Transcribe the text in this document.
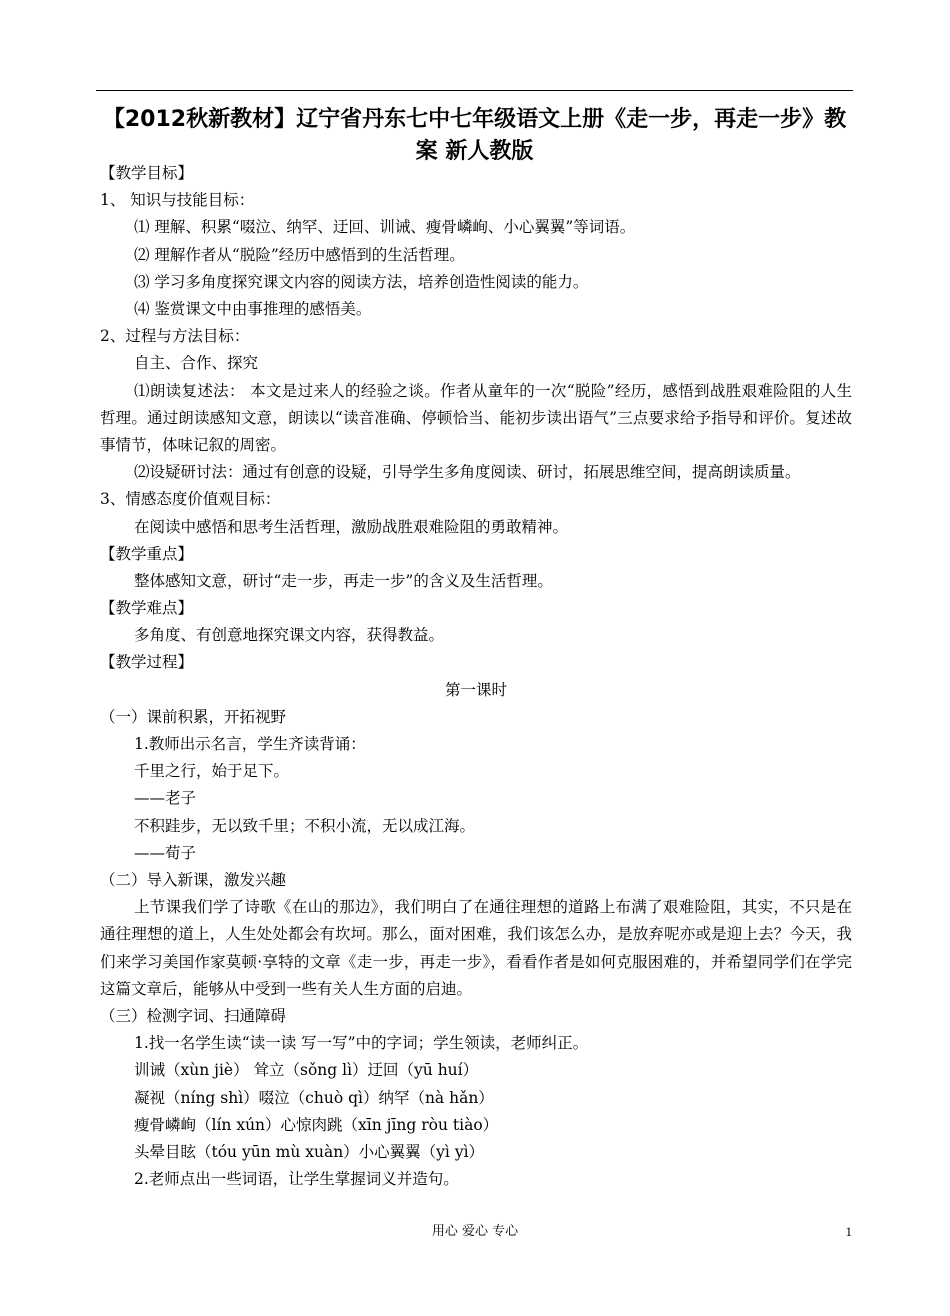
【2012秋新教材】辽宁省丹东七中七年级语文上册《走一步，再走一步》教案 新人教版
【教学目标】
1、 知识与技能目标：
⑴ 理解、积累“啜泣、纳罕、迂回、训诫、瘦骨嶙峋、小心翼翼”等词语。
⑵ 理解作者从“脱险”经历中感悟到的生活哲理。
⑶ 学习多角度探究课文内容的阅读方法，培养创造性阅读的能力。
⑷ 鉴赏课文中由事推理的感悟美。
2、过程与方法目标：
自主、合作、探究
⑴朗读复述法： 本文是过来人的经验之谈。作者从童年的一次“脱险”经历，感悟到战胜艰难险阻的人生哲理。通过朗读感知文意，朗读以“读音准确、停顿恰当、能初步读出语气”三点要求给予指导和评价。复述故事情节，体味记叙的周密。
⑵设疑研讨法：通过有创意的设疑，引导学生多角度阅读、研讨，拓展思维空间，提高朗读质量。
3、情感态度价值观目标：
在阅读中感悟和思考生活哲理，激励战胜艰难险阻的勇敢精神。
【教学重点】
整体感知文意，研讨“走一步，再走一步”的含义及生活哲理。
【教学难点】
多角度、有创意地探究课文内容，获得教益。
【教学过程】
第一课时
（一）课前积累，开拓视野
1.教师出示名言，学生齐读背诵：
千里之行，始于足下。
——老子
不积跬步，无以致千里；不积小流，无以成江海。
——荀子
（二）导入新课，激发兴趣
上节课我们学了诗歌《在山的那边》，我们明白了在通往理想的道路上布满了艰难险阻，其实，不只是在通往理想的道上，人生处处都会有坎坷。那么，面对困难，我们该怎么办，是放弃呢亦或是迎上去？今天，我们来学习美国作家莫顿·享特的文章《走一步，再走一步》，看看作者是如何克服困难的，并希望同学们在学完这篇文章后，能够从中受到一些有关人生方面的启迪。
（三）检测字词、扫通障碍
1.找一名学生读“读一读 写一写”中的字词；学生领读，老师纠正。
训诫（xùn jiè） 耸立（sǒng lì）迂回（yū huí）
凝视（níng shì）啜泣（chuò qì）纳罕（nà hǎn）
瘦骨嶙峋（lín xún）心惊肉跳（xīn jīng ròu tiào）
头晕目眩（tóu yūn mù xuàn）小心翼翼（yì yì）
2.老师点出一些词语，让学生掌握词义并造句。
用心 爱心 专心	1
